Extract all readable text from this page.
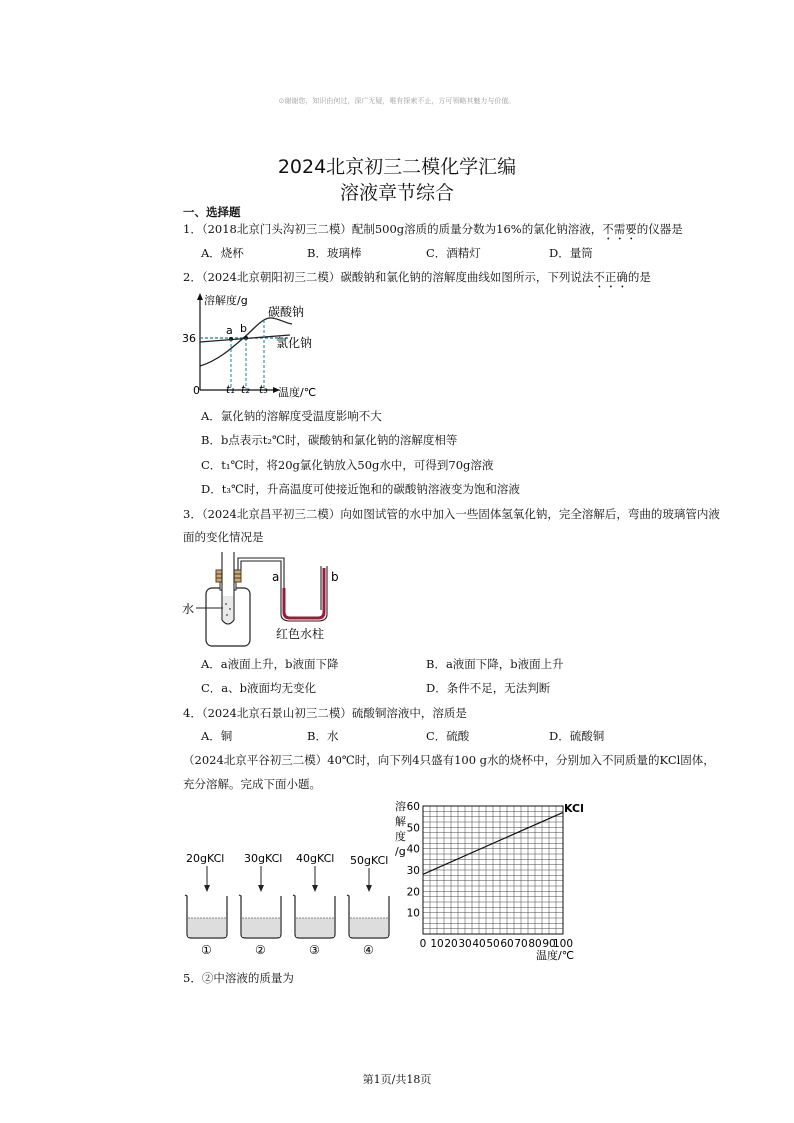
⊙谢谢您，知识由何过，深广无疑，唯有探索不止，方可领略其魅力与价值。
2024北京初三二模化学汇编
溶液章节综合
一、选择题
1．（2018北京门头沟初三二模）配制500g溶质的质量分数为16%的氯化钠溶液，不需要的仪器是
A．烧杯	B．玻璃棒	C．酒精灯	D．量筒
2．（2024北京朝阳初三二模）碳酸钠和氯化钠的溶解度曲线如图所示，下列说法不正确的是
溶解度/g
36
0	温度/℃
a b
t₁ t₂ t₃
碳酸钠
氯化钠
A．氯化钠的溶解度受温度影响不大
B．b点表示t₂℃时，碳酸钠和氯化钠的溶解度相等
C．t₁℃时，将20g氯化钠放入50g水中，可得到70g溶液
D．t₃℃时，升高温度可使接近饱和的碳酸钠溶液变为饱和溶液
3．（2024北京昌平初三二模）向如图试管的水中加入一些固体氢氧化钠，完全溶解后，弯曲的玻璃管内液
面的变化情况是
a	b
水
红色水柱
A．a液面上升，b液面下降	B．a液面下降，b液面上升
C．a、b液面均无变化	D．条件不足，无法判断
4．（2024北京石景山初三二模）硫酸铜溶液中，溶质是
A．铜	B．水	C．硫酸	D．硫酸铜
（2024北京平谷初三二模）40℃时，向下列4只盛有100 g水的烧杯中，分别加入不同质量的KCl固体，
充分溶解。完成下面小题。
20gKCl
①
30gKCl
②
40gKCl
③
50gKCl
④
10
20
30
40
50
60
0 10 20 30 40 50 60 70 80 90
100
KCl
溶
解
度
/g
温度/℃
5．②中溶液的质量为
第1页/共18页
